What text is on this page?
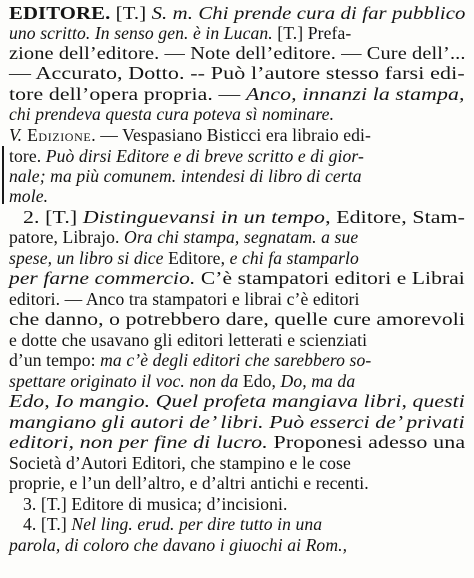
EDITORE. [T.] S. m. Chi prende cura di far pubblico
uno scritto. In senso gen. è in Lucan. [T.] Prefa-
zione dell’editore. — Note dell’editore. — Cure dell’...
— Accurato, Dotto. -- Può l’autore stesso farsi edi-
tore dell’opera propria. — Anco, innanzi la stampa,
chi prendeva questa cura poteva sì nominare.
V. Edizione. — Vespasiano Bisticci era libraio edi-
tore. Può dirsi Editore e di breve scritto e di gior-
nale; ma più comunem. intendesi di libro di certa
mole.
2. [T.] Distinguevansi in un tempo, Editore, Stam-
patore, Librajo. Ora chi stampa, segnatam. a sue
spese, un libro si dice Editore, e chi fa stamparlo
per farne commercio. C’è stampatori editori e Librai
editori. — Anco tra stampatori e librai c’è editori
che danno, o potrebbero dare, quelle cure amorevoli
e dotte che usavano gli editori letterati e scienziati
d’un tempo: ma c’è degli editori che sarebbero so-
spettare originato il voc. non da Edo, Do, ma da
Edo, Io mangio. Quel profeta mangiava libri, questi
mangiano gli autori de’ libri. Può esserci de’ privati
editori, non per fine di lucro. Proponesi adesso una
Società d’Autori Editori, che stampino e le cose
proprie, e l’un dell’altro, e d’altri antichi e recenti.
3. [T.] Editore di musica; d’incisioni.
4. [T.] Nel ling. erud. per dire tutto in una
parola, di coloro che davano i giuochi ai Rom.,
